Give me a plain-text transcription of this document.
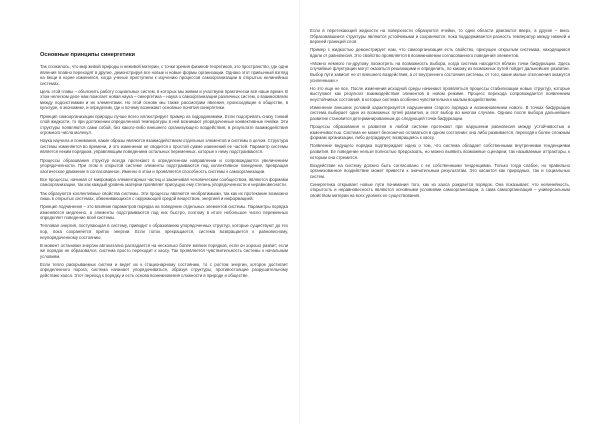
Основные принципы синергетики

Так сложилось, что мир живой природы и неживой материи, с точки зрения физиков-теоретиков, это пространство, где одни явления плавно переходят в другие, демонстрируя все новые и новые формы организации. Однако этот привычный взгляд на вещи в корне изменился, когда ученые приступили к изучению процессов самоорганизации в открытых нелинейных системах.

Цель этой главы – объяснить работу социальных систем, в которых мы живем и участвуем практически всё наше время. В этом нелегком деле нам помогает новая наука – синергетика – наука о самоорганизации различных систем, о взаимосвязях между подсистемами и их элементами. Но этой основе мы также рассмотрим явления, происходящие в обществе, в культуре, в экономике, и определим, где и почему возникают основные понятия синергетики.

Принцип самоорганизации природы лучше всего иллюстрирует пример из гидродинамики. Если подогревать снизу тонкий слой жидкости, то при достижении определенной температуры в ней возникают упорядоченные конвективные ячейки. Эти структуры появляются сами собой, без какого-либо внешнего организующего воздействия, в результате взаимодействия огромного числа молекул.

Наука научила и понимания, какие образы являются взаимодействием отдельных элементов и системы в целом. Структура системы изменяется во времени, и это изменение не сводится к простой сумме изменений ее частей. Параметр системы является неким порядком, управляющим поведением остальных переменных, которые к нему подстраиваются.

Процессы образования структур всегда протекают в определенном направлении и сопровождаются увеличением упорядоченности. При этом в открытой системе элементы подстраиваются под коллективное поведение, превращая хаотическое движение в согласованное. Именно в этом и проявляется способность системы к самоорганизации.

Все процессы, начиная от микромира элементарных частиц и заканчивая человеческим сообществом, являются формами самоорганизации, так как каждый уровень материи проявляет присущую ему степень упорядоченности и неравновесности.

Так образуются коллективные свойства системы. Эти процессы являются необратимыми, так как их протекание возможно лишь в открытых системах, обменивающихся с окружающей средой веществом, энергией и информацией.

Принцип подчинения – это влияние параметров порядка на поведение отдельных элементов системы. Параметры порядка изменяются медленно, а элементы подстраиваются под них быстро, поэтому в итоге небольшое число переменных определяет поведение всей системы.

Тепловая энергия, поступающая в систему, приводит к образованию упорядоченных структур, которые существуют до тех пор, пока сохраняется приток энергии. Если поток прекращается, система возвращается к равновесному, неупорядоченному состоянию.

В момент остановки энергии автокатализ распадается на несколько более мелких порядков, если он хорошо развит; если же порядок не образовался, система просто переходит к хаосу. Так проявляется чувствительность системы к начальным условиям.

Если тепло раскрываемых систем и ведет их к стационарному состоянию, то с ростом энергии, которое достигает определенного порога, система начинает упорядочиваться, образуя структуры, противостоящие разрушительному действию хаоса. Этот переход к порядку и есть основа возникновения сложности в природе и обществе.

Если в перетекающей жидкости на поверхности образуются ячейки, то одни области двигаются вверх, а другие – вниз. Образовавшиеся структуры являются устойчивыми и сохраняются, пока поддерживается разность температур между нижней и верхней границей слоя.

Пример с жидкостью демонстрирует нам, что самоорганизация есть свойство, присущее открытым системам, находящимся вдали от равновесия. Это свойство проявляется в возникновении согласованного поведения элементов.

«Можно немного по-другому посмотреть на возможность выбора, когда система находится вблизи точки бифуркации. Здесь случайные флуктуации могут оказаться решающими и определить, по какому из возможных путей пойдет дальнейшее развитие. Выбор пути зависит не от внешнего воздействия, а от внутреннего состояния системы, от того, какие малые отклонения окажутся усиленными.»

Но это еще не все. После изменения исходной среды начинают проявляться процессы стабилизации новых структур, которые выступают как результат взаимодействия элементов в новом режиме. Процесс перехода сопровождается появлением неустойчивых состояний, в которых система особенно чувствительна к малым воздействиям.

Изменение внешних условий характеризуется нарушением старого порядка и возникновением нового. В точках бифуркации система выбирает один из возможных путей развития, и этот выбор во многом случаен. Однако после выбора дальнейшее развитие становится детерминированным до следующей точки бифуркации.

Процессы образования и развития в любой системе протекают при нарушении равновесия между устойчивостью и изменчивостью. Система не может бесконечно оставаться в одном состоянии: она либо развивается, переходя к более сложным формам организации, либо деградирует, возвращаясь к хаосу.

Появление ведущего порядка подтверждает идею о том, что система обладает собственными внутренними тенденциями развития. Ее поведение нельзя полностью предсказать, но можно выявить возможные сценарии, так называемые аттракторы, к которым она стремится.

Воздействие на систему должно быть согласовано с ее собственными тенденциями. Только тогда слабое, но правильно организованное воздействие может привести к значительным результатам. Это касается как природных, так и социальных систем.

Синергетика открывает новые пути понимания того, как из хаоса рождается порядок. Она показывает, что нелинейность, открытость и неравновесность являются основными условиями самоорганизации, а сама самоорганизация – универсальным свойством материи на всех уровнях ее существования.
